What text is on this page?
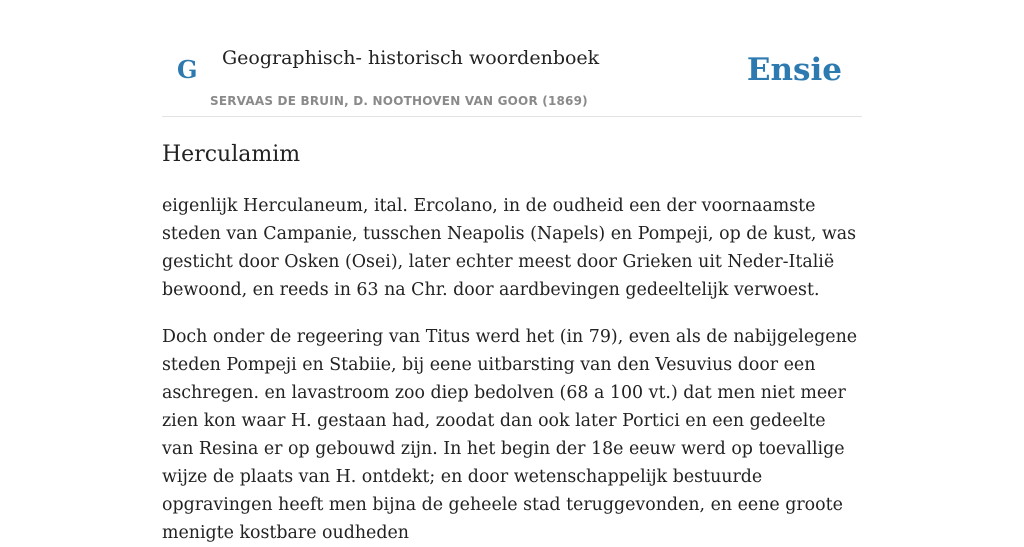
G Geographisch- historisch woordenboek
SERVAAS DE BRUIN, D. NOOTHOVEN VAN GOOR (1869)
Ensie
Herculamim

eigenlijk Herculaneum, ital. Ercolano, in de oudheid een der voornaamste steden van Campanie, tusschen Neapolis (Napels) en Pompeji, op de kust, was gesticht door Osken (Osei), later echter meest door Grieken uit Neder-Italië bewoond, en reeds in 63 na Chr. door aardbevingen gedeeltelijk verwoest.

Doch onder de regeering van Titus werd het (in 79), even als de nabijgelegene steden Pompeji en Stabiie, bij eene uitbarsting van den Vesuvius door een aschregen. en lavastroom zoo diep bedolven (68 a 100 vt.) dat men niet meer zien kon waar H. gestaan had, zoodat dan ook later Portici en een gedeelte van Resina er op gebouwd zijn. In het begin der 18e eeuw werd op toevallige wijze de plaats van H. ontdekt; en door wetenschappelijk bestuurde opgravingen heeft men bijna de geheele stad teruggevonden, en eene groote menigte kostbare oudheden
